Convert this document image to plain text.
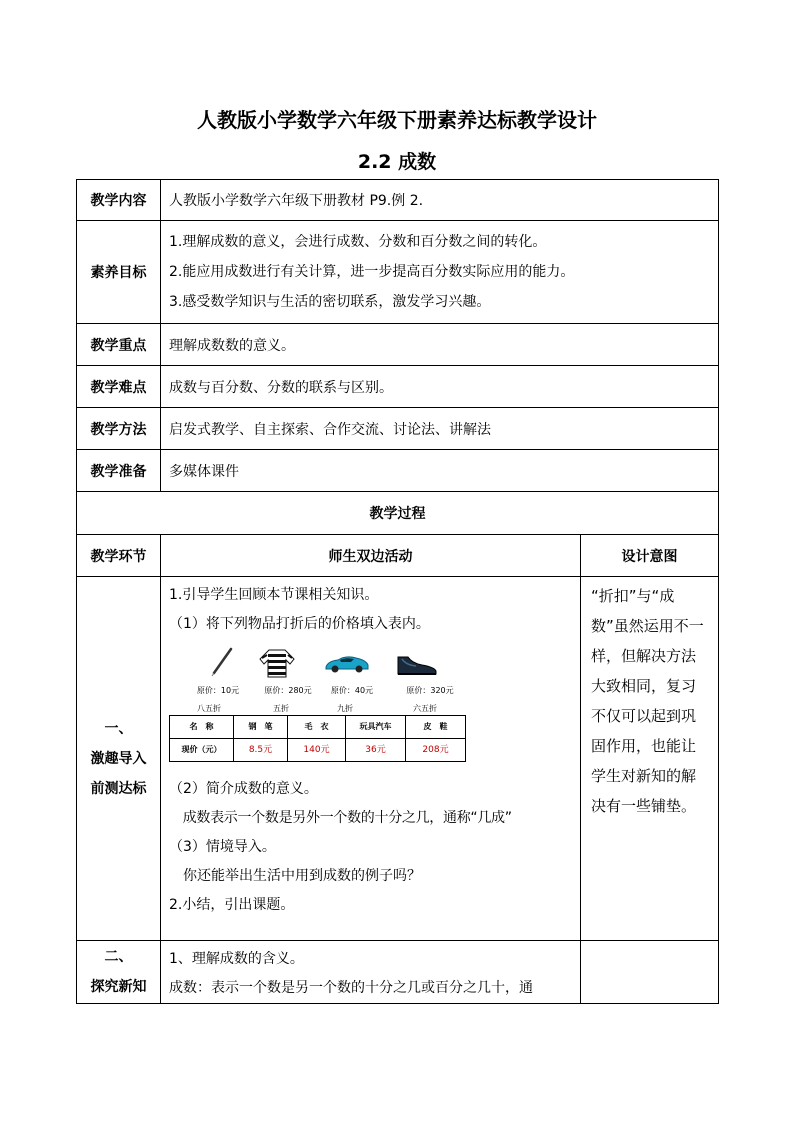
人教版小学数学六年级下册素养达标教学设计
2.2 成数
教学内容	人教版小学数学六年级下册教材 P9.例 2.
素养目标	
1.理解成数的意义，会进行成数、分数和百分数之间的转化。
2.能应用成数进行有关计算，进一步提高百分数实际应用的能力。
3.感受数学知识与生活的密切联系，激发学习兴趣。

教学重点	理解成数数的意义。
教学难点	成数与百分数、分数的联系与区别。
教学方法	启发式教学、自主探索、合作交流、讨论法、讲解法
教学准备	多媒体课件
教学过程
教学环节	师生双边活动	设计意图

一、
激趣导入
前测达标

1.引导学生回顾本节课相关知识。
（1）将下列物品打折后的价格填入表内。
原价：10元	原价：280元	原价：40元	原价：320元
八五折	五折	九折	六五折
名　称	钢　笔	毛　衣	玩具汽车	皮　鞋
现价（元）	8.5元	140元	36元	208元
（2）简介成数的意义。
　成数表示一个数是另外一个数的十分之几，通称“几成”
（3）情境导入。
　你还能举出生活中用到成数的例子吗？
2.小结，引出课题。
	“折扣”与“成数”虽然运用不一样，但解决方法大致相同，复习不仅可以起到巩固作用，也能让学生对新知的解决有一些铺垫。

二、
探究新知

1、理解成数的含义。
成数：表示一个数是另一个数的十分之几或百分之几十，通
